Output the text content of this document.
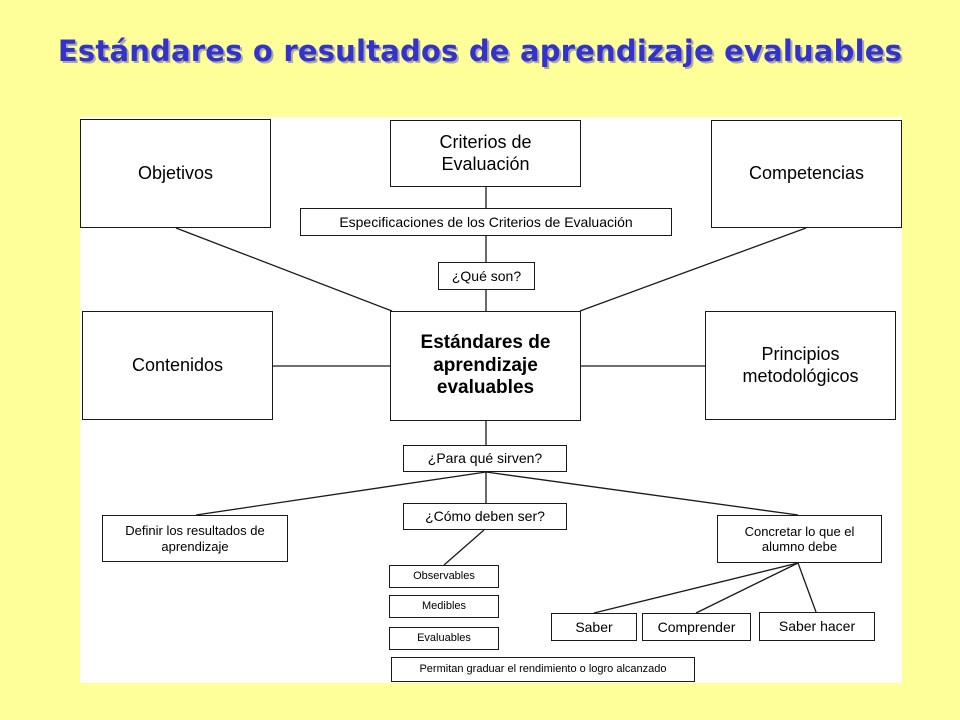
Estándares o resultados de aprendizaje evaluables
Objetivos
Criterios de Evaluación	Competencias
Especificaciones de los Criterios de Evaluación
¿Qué son?
Contenidos
Estándares de aprendizaje evaluables
Principios metodológicos
¿Para qué sirven?
Definir los resultados de aprendizaje
¿Cómo deben ser?
Concretar lo que el alumno debe
Observables
Medibles
Evaluables
Permitan graduar el rendimiento o logro alcanzado
Saber	Comprender	Saber hacer
